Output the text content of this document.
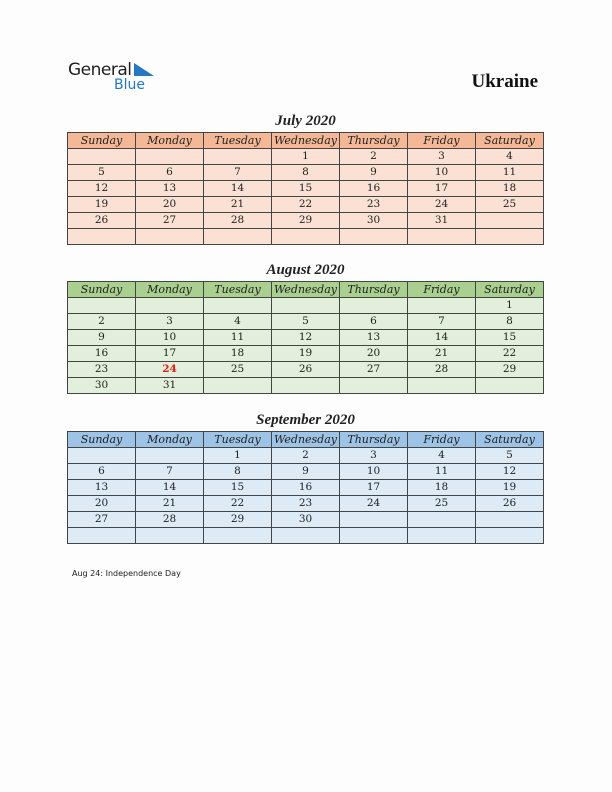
General
Blue	Ukraine
July 2020
Sunday	Monday	Tuesday	Wednesday	Thursday	Friday	Saturday
			1	2	3	4
5	6	7	8	9	10	11
12	13	14	15	16	17	18
19	20	21	22	23	24	25
26	27	28	29	30	31	

August 2020
Sunday	Monday	Tuesday	Wednesday	Thursday	Friday	Saturday
						1
2	3	4	5	6	7	8
9	10	11	12	13	14	15
16	17	18	19	20	21	22
23	24	25	26	27	28	29
30	31					
September 2020
Sunday	Monday	Tuesday	Wednesday	Thursday	Friday	Saturday
		1	2	3	4	5
6	7	8	9	10	11	12
13	14	15	16	17	18	19
20	21	22	23	24	25	26
27	28	29	30			

Aug 24: Independence Day
